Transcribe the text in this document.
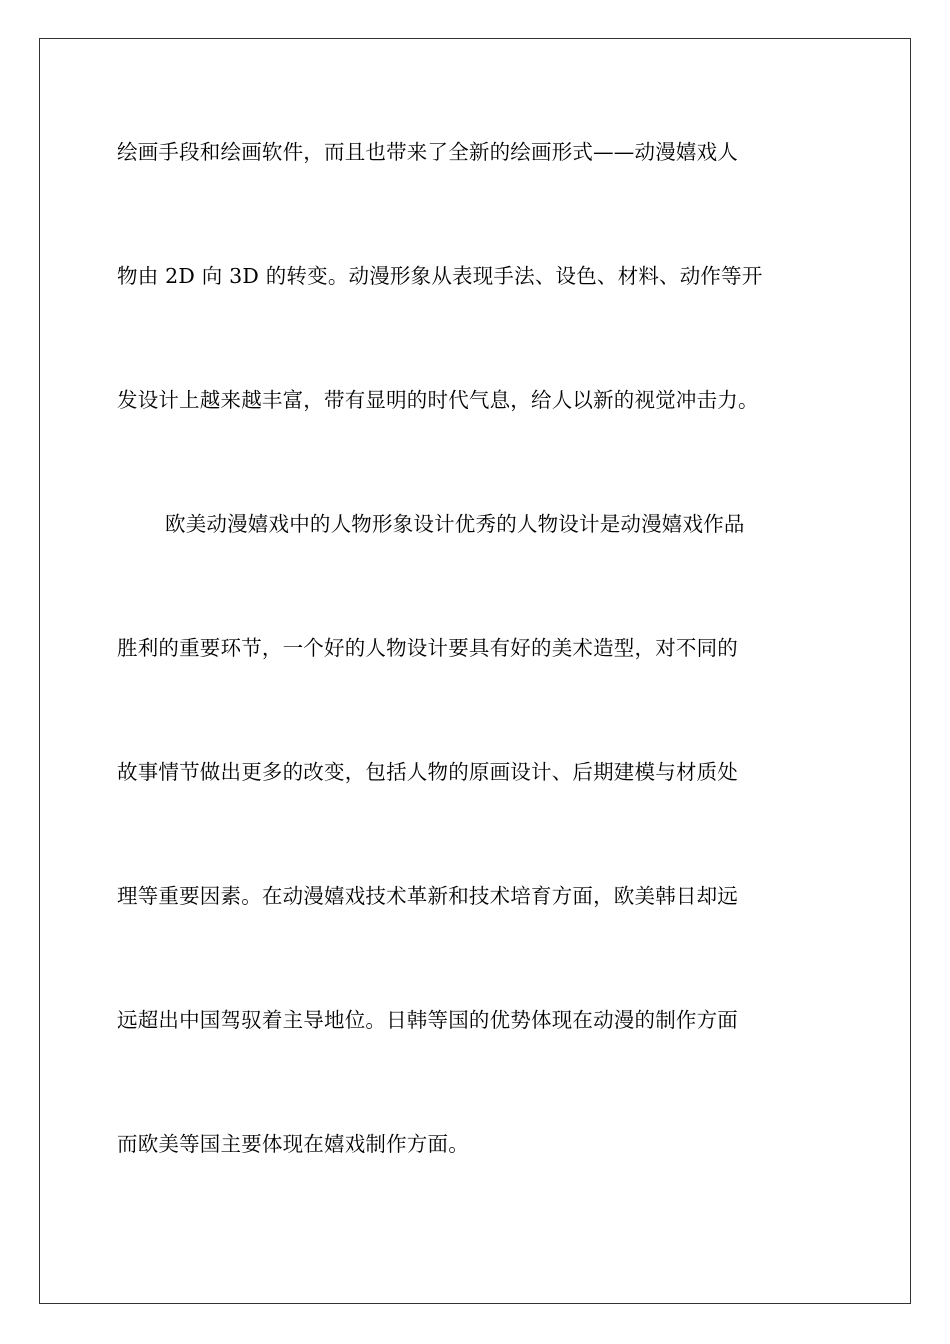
绘画手段和绘画软件，而且也带来了全新的绘画形式——动漫嬉戏人
物由 2D 向 3D 的转变。动漫形象从表现手法、设色、材料、动作等开
发设计上越来越丰富，带有显明的时代气息，给人以新的视觉冲击力。
欧美动漫嬉戏中的人物形象设计优秀的人物设计是动漫嬉戏作品
胜利的重要环节，一个好的人物设计要具有好的美术造型，对不同的
故事情节做出更多的改变，包括人物的原画设计、后期建模与材质处
理等重要因素。在动漫嬉戏技术革新和技术培育方面，欧美韩日却远
远超出中国驾驭着主导地位。日韩等国的优势体现在动漫的制作方面
而欧美等国主要体现在嬉戏制作方面。
